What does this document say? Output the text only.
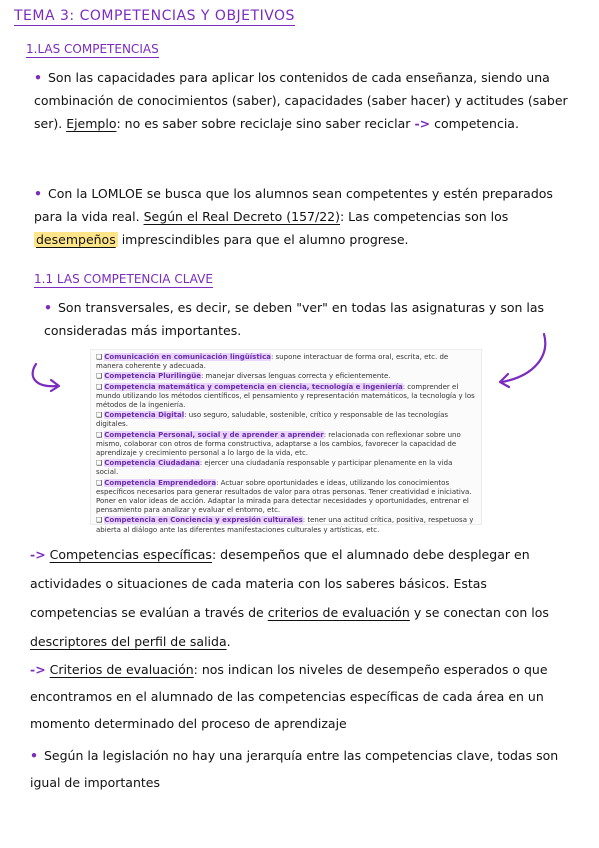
TEMA 3: COMPETENCIAS Y OBJETIVOS
1.LAS COMPETENCIAS
• Son las capacidades para aplicar los contenidos de cada enseñanza, siendo una combinación de conocimientos (saber), capacidades (saber hacer) y actitudes (saber ser). Ejemplo: no es saber sobre reciclaje sino saber reciclar -> competencia.
• Con la LOMLOE se busca que los alumnos sean competentes y estén preparados para la vida real. Según el Real Decreto (157/22): Las competencias son los desempeños imprescindibles para que el alumno progrese.
1.1 LAS COMPETENCIA CLAVE
• Son transversales, es decir, se deben "ver" en todas las asignaturas y son las consideradas más importantes.
❑ Comunicación en comunicación lingüística: supone interactuar de forma oral, escrita, etc. de manera coherente y adecuada.
❑ Competencia Plurilingüe: manejar diversas lenguas correcta y eficientemente.
❑ Competencia matemática y competencia en ciencia, tecnología e ingeniería: comprender el mundo utilizando los métodos científicos, el pensamiento y representación matemáticos, la tecnología y los métodos de la ingeniería.
❑ Competencia Digital: uso seguro, saludable, sostenible, crítico y responsable de las tecnologías digitales.
❑ Competencia Personal, social y de aprender a aprender: relacionada con reflexionar sobre uno mismo, colaborar con otros de forma constructiva, adaptarse a los cambios, favorecer la capacidad de aprendizaje y crecimiento personal a lo largo de la vida, etc.
❑ Competencia Ciudadana: ejercer una ciudadanía responsable y participar plenamente en la vida social.
❑ Competencia Emprendedora: Actuar sobre oportunidades e ideas, utilizando los conocimientos específicos necesarios para generar resultados de valor para otras personas. Tener creatividad e iniciativa. Poner en valor ideas de acción. Adaptar la mirada para detectar necesidades y oportunidades, entrenar el pensamiento para analizar y evaluar el entorno, etc.
❑ Competencia en Conciencia y expresión culturales: tener una actitud crítica, positiva, respetuosa y abierta al diálogo ante las diferentes manifestaciones culturales y artísticas, etc.
-> Competencias específicas: desempeños que el alumnado debe desplegar en actividades o situaciones de cada materia con los saberes básicos. Estas competencias se evalúan a través de criterios de evaluación y se conectan con los descriptores del perfil de salida.
-> Criterios de evaluación: nos indican los niveles de desempeño esperados o que encontramos en el alumnado de las competencias específicas de cada área en un momento determinado del proceso de aprendizaje
• Según la legislación no hay una jerarquía entre las competencias clave, todas son igual de importantes
